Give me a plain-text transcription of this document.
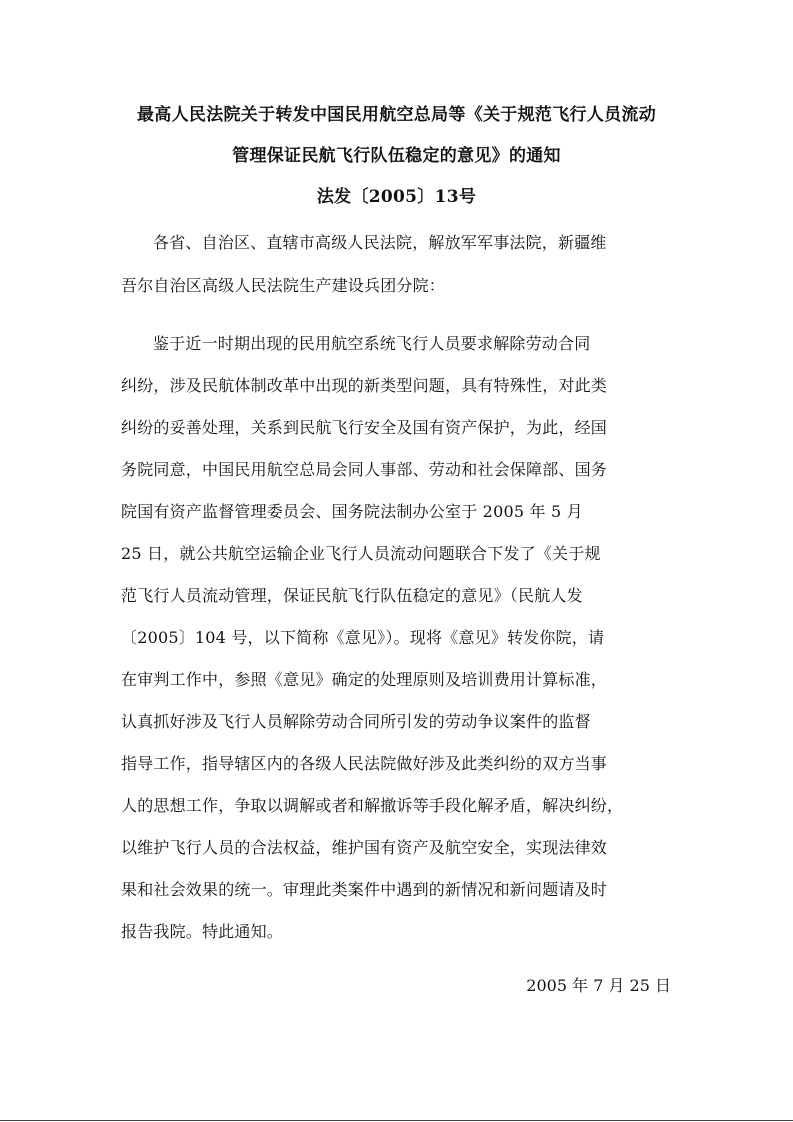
最高人民法院关于转发中国民用航空总局等《关于规范飞行人员流动
管理保证民航飞行队伍稳定的意见》的通知
法发〔2005〕13号
各省、自治区、直辖市高级人民法院，解放军军事法院，新疆维
吾尔自治区高级人民法院生产建设兵团分院：
鉴于近一时期出现的民用航空系统飞行人员要求解除劳动合同
纠纷，涉及民航体制改革中出现的新类型问题，具有特殊性，对此类
纠纷的妥善处理，关系到民航飞行安全及国有资产保护，为此，经国
务院同意，中国民用航空总局会同人事部、劳动和社会保障部、国务
院国有资产监督管理委员会、国务院法制办公室于 2005 年 5 月
25 日，就公共航空运输企业飞行人员流动问题联合下发了《关于规
范飞行人员流动管理，保证民航飞行队伍稳定的意见》（民航人发
〔2005〕104 号，以下简称《意见》）。现将《意见》转发你院，请
在审判工作中，参照《意见》确定的处理原则及培训费用计算标准，
认真抓好涉及飞行人员解除劳动合同所引发的劳动争议案件的监督
指导工作，指导辖区内的各级人民法院做好涉及此类纠纷的双方当事
人的思想工作，争取以调解或者和解撤诉等手段化解矛盾，解决纠纷，
以维护飞行人员的合法权益，维护国有资产及航空安全，实现法律效
果和社会效果的统一。审理此类案件中遇到的新情况和新问题请及时
报告我院。特此通知。
2005 年 7 月 25 日
